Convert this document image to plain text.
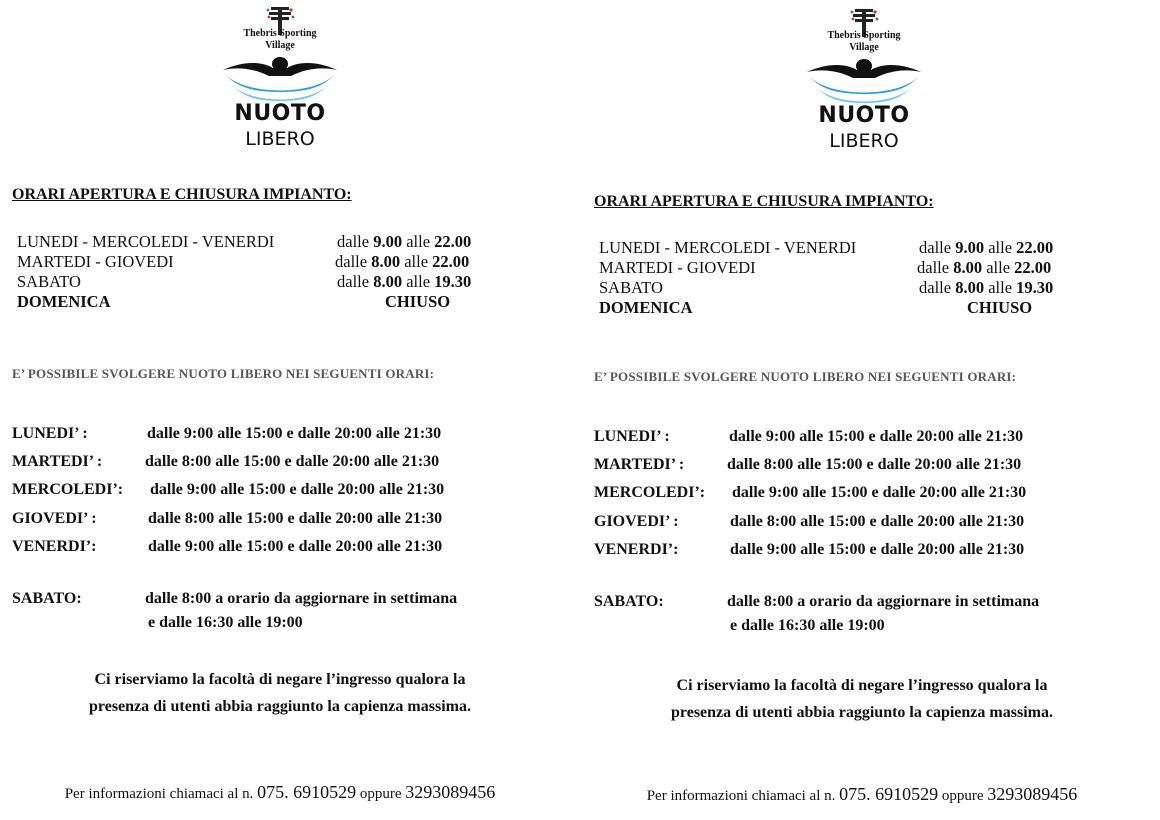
Thebris Sporting
Village
NUOTO
LIBERO
ORARI APERTURA E CHIUSURA IMPIANTO:
LUNEDI - MERCOLEDI - VENERDI	dalle 9.00 alle 22.00
MARTEDI - GIOVEDI	dalle 8.00 alle 22.00
SABATO	dalle 8.00 alle 19.30
DOMENICA	CHIUSO
E’ POSSIBILE SVOLGERE NUOTO LIBERO NEI SEGUENTI ORARI:
LUNEDI’ :	dalle 9:00 alle 15:00 e dalle 20:00 alle 21:30
MARTEDI’ :	dalle 8:00 alle 15:00 e dalle 20:00 alle 21:30
MERCOLEDI’: dalle 9:00 alle 15:00 e dalle 20:00 alle 21:30
GIOVEDI’ :	dalle 8:00 alle 15:00 e dalle 20:00 alle 21:30
VENERDI’:	dalle 9:00 alle 15:00 e dalle 20:00 alle 21:30
SABATO:	dalle 8:00 a orario da aggiornare in settimana
e dalle 16:30 alle 19:00
Ci riserviamo la facoltà di negare l’ingresso qualora la
presenza di utenti abbia raggiunto la capienza massima.
Per informazioni chiamaci al n. 075. 6910529 oppure 3293089456
Thebris Sporting
Village
NUOTO
LIBERO
ORARI APERTURA E CHIUSURA IMPIANTO:
LUNEDI - MERCOLEDI - VENERDI	dalle 9.00 alle 22.00
MARTEDI - GIOVEDI	dalle 8.00 alle 22.00
SABATO	dalle 8.00 alle 19.30
DOMENICA	CHIUSO
E’ POSSIBILE SVOLGERE NUOTO LIBERO NEI SEGUENTI ORARI:
LUNEDI’ :	dalle 9:00 alle 15:00 e dalle 20:00 alle 21:30
MARTEDI’ :	dalle 8:00 alle 15:00 e dalle 20:00 alle 21:30
MERCOLEDI’: dalle 9:00 alle 15:00 e dalle 20:00 alle 21:30
GIOVEDI’ :	dalle 8:00 alle 15:00 e dalle 20:00 alle 21:30
VENERDI’:	dalle 9:00 alle 15:00 e dalle 20:00 alle 21:30
SABATO:	dalle 8:00 a orario da aggiornare in settimana
e dalle 16:30 alle 19:00
Ci riserviamo la facoltà di negare l’ingresso qualora la
presenza di utenti abbia raggiunto la capienza massima.
Per informazioni chiamaci al n. 075. 6910529 oppure 3293089456
